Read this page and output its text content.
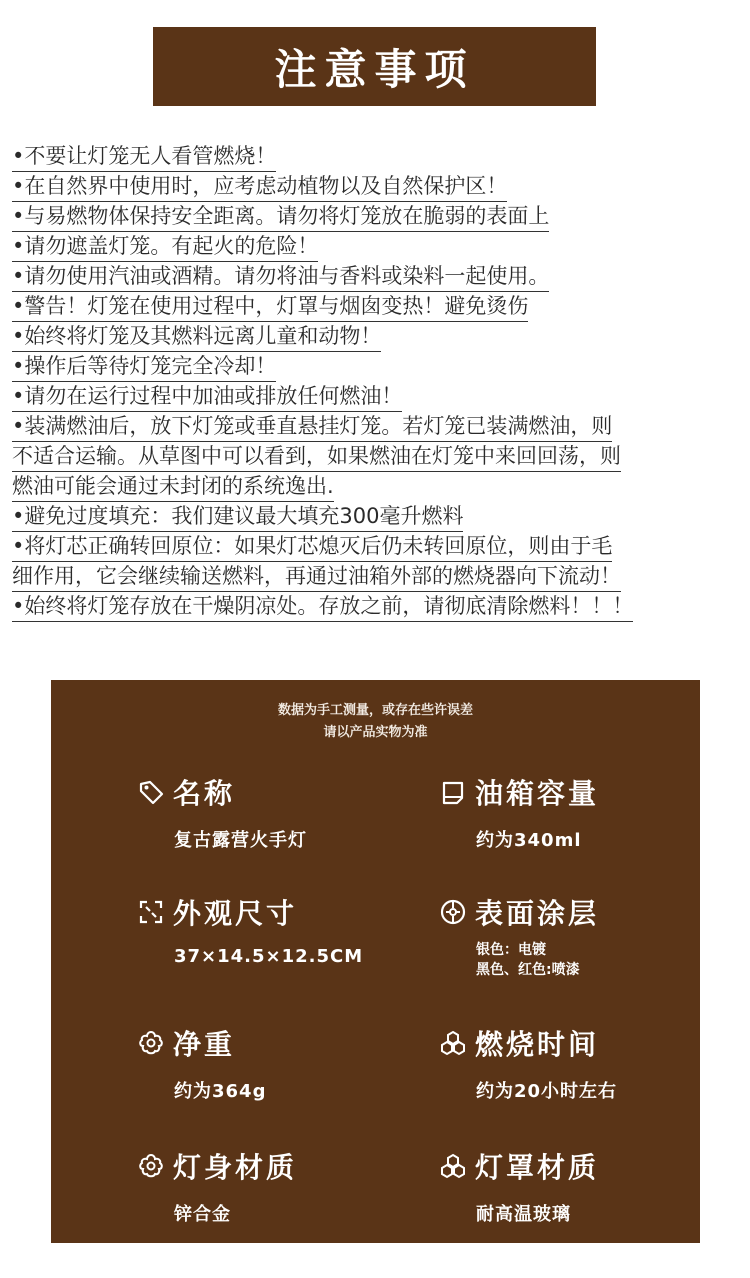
注意事项
•不要让灯笼无人看管燃烧！
•在自然界中使用时，应考虑动植物以及自然保护区！
•与易燃物体保持安全距离。请勿将灯笼放在脆弱的表面上
•请勿遮盖灯笼。有起火的危险！
•请勿使用汽油或酒精。请勿将油与香料或染料一起使用。
•警告！灯笼在使用过程中，灯罩与烟囱变热！避免烫伤
•始终将灯笼及其燃料远离儿童和动物！
•操作后等待灯笼完全冷却！
•请勿在运行过程中加油或排放任何燃油！
•装满燃油后，放下灯笼或垂直悬挂灯笼。若灯笼已装满燃油，则
不适合运输。从草图中可以看到，如果燃油在灯笼中来回回荡，则
燃油可能会通过未封闭的系统逸出.
•避免过度填充：我们建议最大填充300毫升燃料
•将灯芯正确转回原位：如果灯芯熄灭后仍未转回原位，则由于毛
细作用，它会继续输送燃料，再通过油箱外部的燃烧器向下流动！
•始终将灯笼存放在干燥阴凉处。存放之前，请彻底清除燃料！！！
数据为手工测量，或存在些许误差
请以产品实物为准
名称
复古露营火手灯
油箱容量
约为340ml
外观尺寸
37×14.5×12.5CM
表面涂层
银色：电镀
黑色、红色:喷漆
净重
约为364g
燃烧时间
约为20小时左右
灯身材质
锌合金
灯罩材质
耐高温玻璃
